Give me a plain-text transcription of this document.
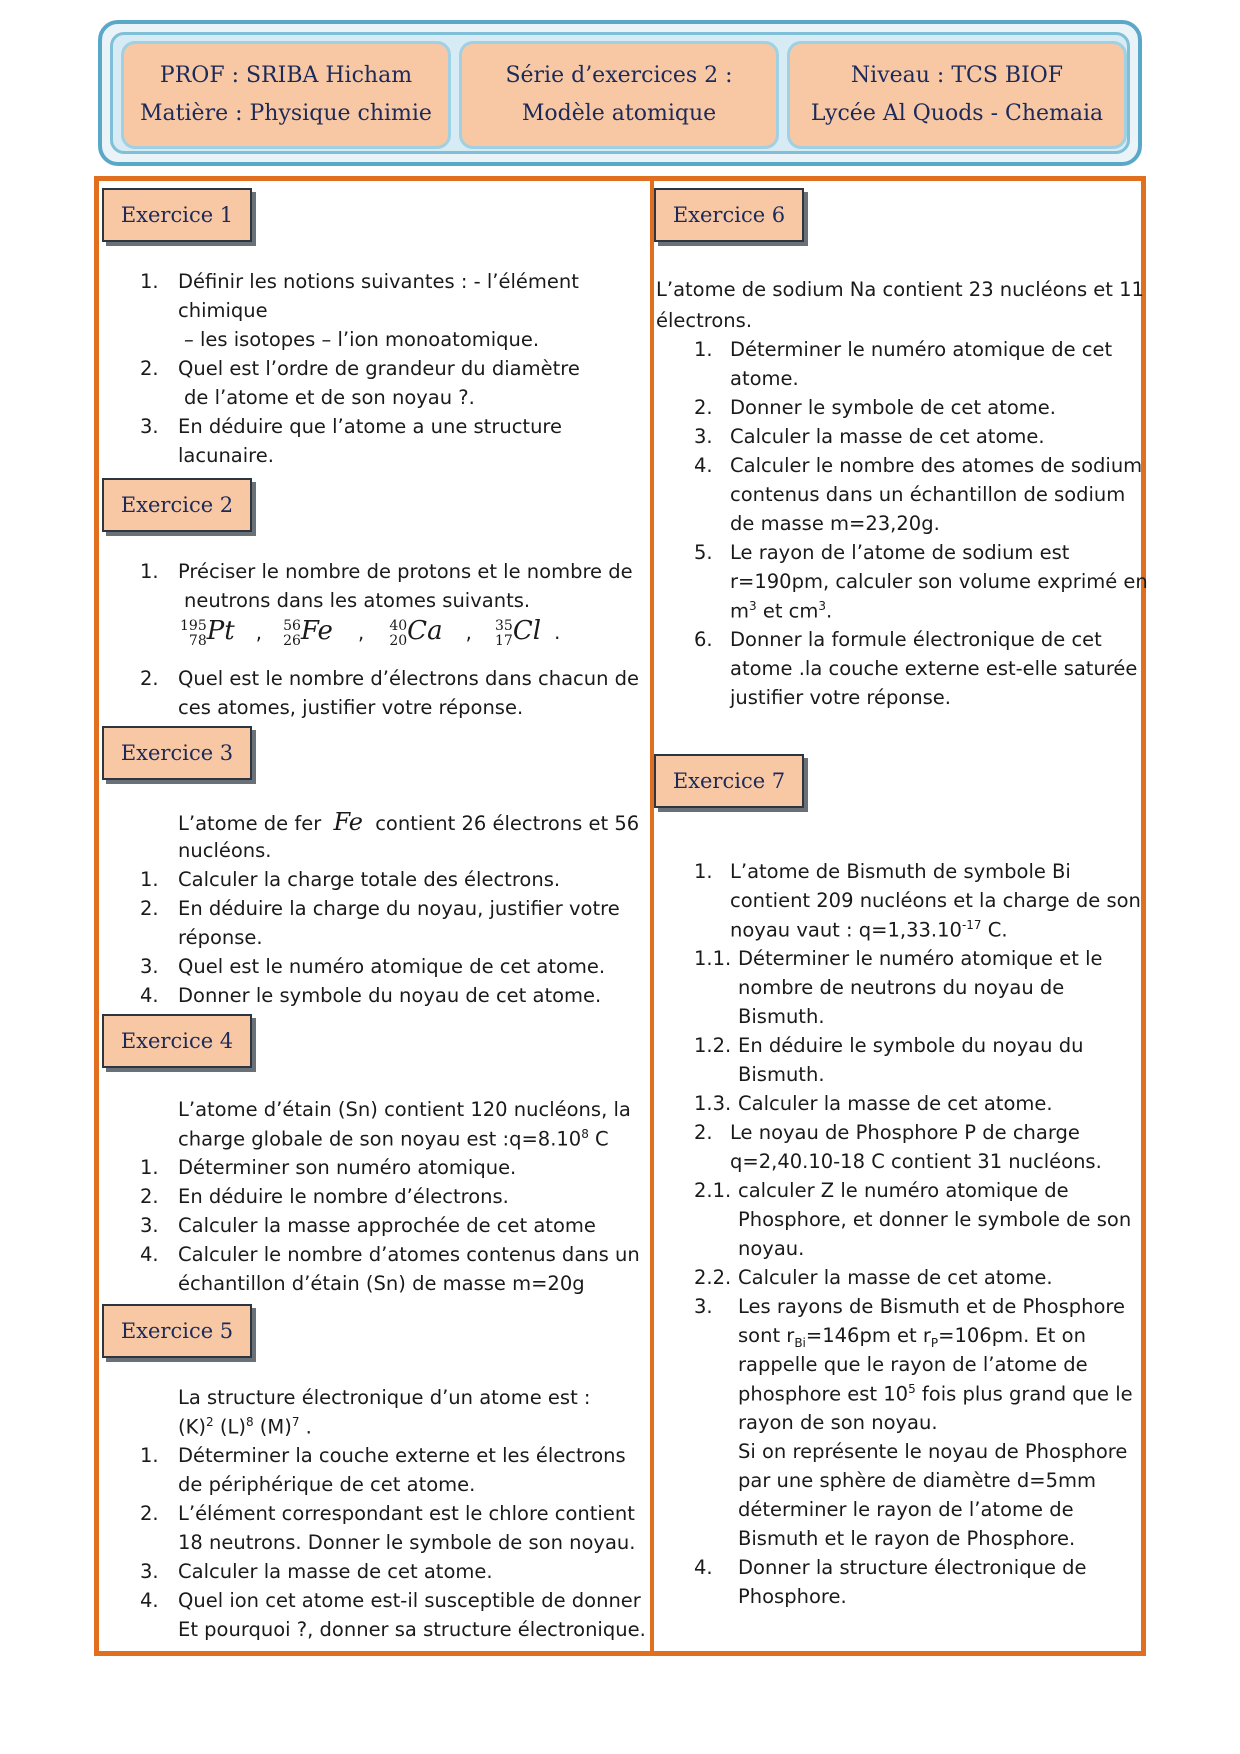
PROF : SRIBA Hicham
Matière : Physique chimie
Série d’exercices 2 :
Modèle atomique
Niveau : TCS BIOF
Lycée Al Quods - Chemaia
Exercice 1
1. Définir les notions suivantes : - l’élément
chimique
– les isotopes – l’ion monoatomique.
2. Quel est l’ordre de grandeur du diamètre
de l’atome et de son noyau ?.
3. En déduire que l’atome a une structure
lacunaire.
Exercice 2
1. Préciser le nombre de protons et le nombre de
neutrons dans les atomes suivants.
195
78 Pt , 56
26 Fe , 40
20 Ca , 35
17 Cl .
2. Quel est le nombre d’électrons dans chacun de
ces atomes, justifier votre réponse.
Exercice 3
L’atome de fer Fe contient 26 électrons et 56
nucléons.
1. Calculer la charge totale des électrons.
2. En déduire la charge du noyau, justifier votre
réponse.
3. Quel est le numéro atomique de cet atome.
4. Donner le symbole du noyau de cet atome.
Exercice 4
L’atome d’étain (Sn) contient 120 nucléons, la
charge globale de son noyau est $:q=8.10^8$ C
1. Déterminer son numéro atomique.
2. En déduire le nombre d’électrons.
3. Calculer la masse approchée de cet atome
4. Calculer le nombre d’atomes contenus dans un
échantillon d’étain (Sn) de masse m=20g
Exercice 5
La structure électronique d’un atome est :
$(K)^2$ $(L)^8$ $(M)^7$ .
1. Déterminer la couche externe et les électrons
de périphérique de cet atome.
2. L’élément correspondant est le chlore contient
18 neutrons. Donner le symbole de son noyau.
3. Calculer la masse de cet atome.
4. Quel ion cet atome est-il susceptible de donner
Et pourquoi ?, donner sa structure électronique.
Exercice 6
L’atome de sodium Na contient 23 nucléons et 11
électrons.
1. Déterminer le numéro atomique de cet
atome.
2. Donner le symbole de cet atome.
3. Calculer la masse de cet atome.
4. Calculer le nombre des atomes de sodium
contenus dans un échantillon de sodium
de masse m=23,20g.
5. Le rayon de l’atome de sodium est
r=190pm, calculer son volume exprimé en
$m^3$ et $cm^3$.
6. Donner la formule électronique de cet
atome .la couche externe est-elle saturée
justifier votre réponse.
Exercice 7
1. L’atome de Bismuth de symbole Bi
contient 209 nucléons et la charge de son
noyau vaut : $q=1,33.10^{-17}$ C.
1.1. Déterminer le numéro atomique et le
nombre de neutrons du noyau de
Bismuth.
1.2. En déduire le symbole du noyau du
Bismuth.
1.3. Calculer la masse de cet atome.
2. Le noyau de Phosphore P de charge
q=2,40.10-18 C contient 31 nucléons.
2.1. calculer Z le numéro atomique de
Phosphore, et donner le symbole de son
noyau.
2.2. Calculer la masse de cet atome.
3. Les rayons de Bismuth et de Phosphore
sont $r_{Bi}=146pm$ et $r_P=106pm$. Et on
rappelle que le rayon de l’atome de
phosphore est $10^5$ fois plus grand que le
rayon de son noyau.
Si on représente le noyau de Phosphore
par une sphère de diamètre d=5mm
déterminer le rayon de l’atome de
Bismuth et le rayon de Phosphore.
4. Donner la structure électronique de
Phosphore.
